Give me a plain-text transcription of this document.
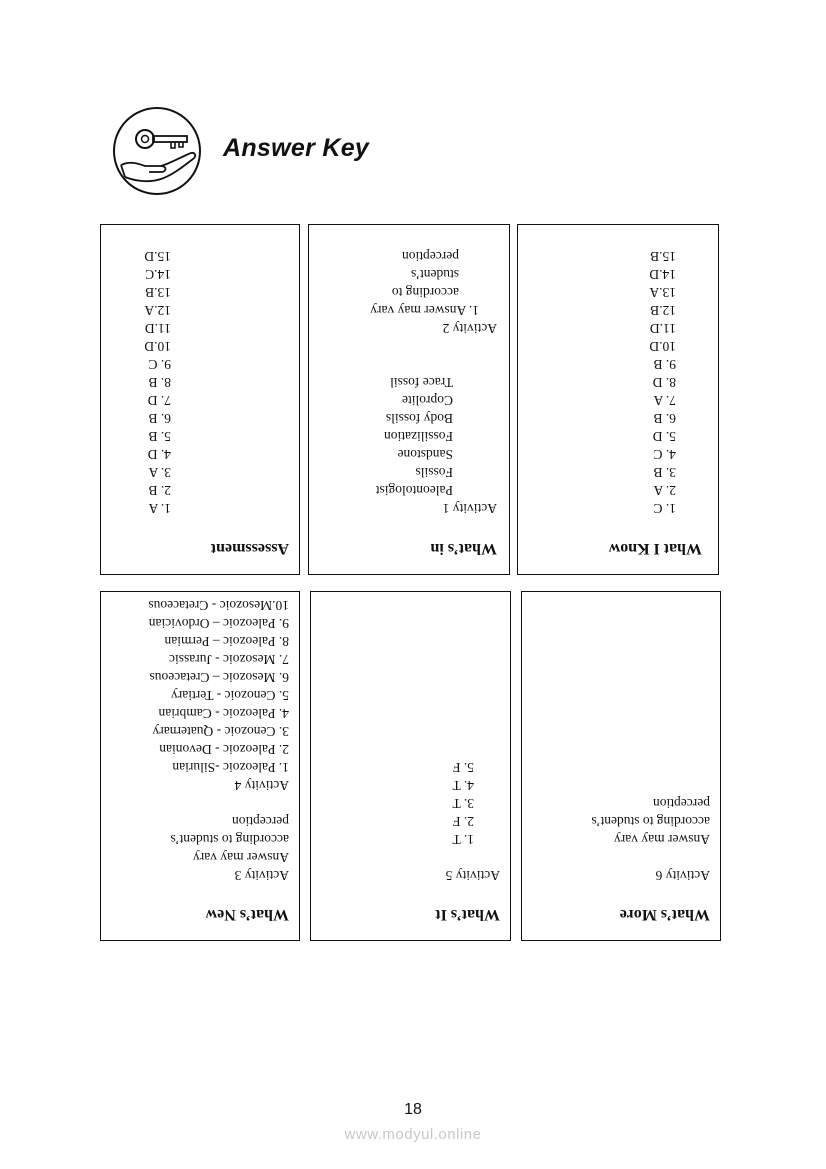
Answer Key
What I Know
1. C
2. A
3. B
4. C
5. D
6. B
7. A
8. D
9. B
10.D
11.D
12.B
13.A
14.D
15.B
What’s in
Activity 1
Paleontologist
Fossils
Sandstone
Fossilization
Body fossils
Coprolite
Trace fossil
Activity 2
1. Answer may vary
according to
student’s
perception
Assessment
1. A
2. B
3. A
4. D
5. B
6. B
7. D
8. B
9. C
10.D
11.D
12.A
13.B
14.C
15.D
What’s More
Activity 6
Answer may vary
according to student’s
perception
What’s It
Activity 5
1. T
2. F
3. T
4. T
5. F
What’s New
Activity 3
Answer may vary
according to student’s
perception
Activity 4
1. Paleozoic -Silurian
2. Paleozoic - Devonian
3. Cenozoic - Quaternary
4. Paleozoic - Cambrian
5. Cenozoic - Tertiary
6. Mesozoic – Cretaceous
7. Mesozoic - Jurassic
8. Paleozoic – Permian
9. Paleozoic – Ordovician
10.Mesozoic - Cretaceous
18
www.modyul.online
